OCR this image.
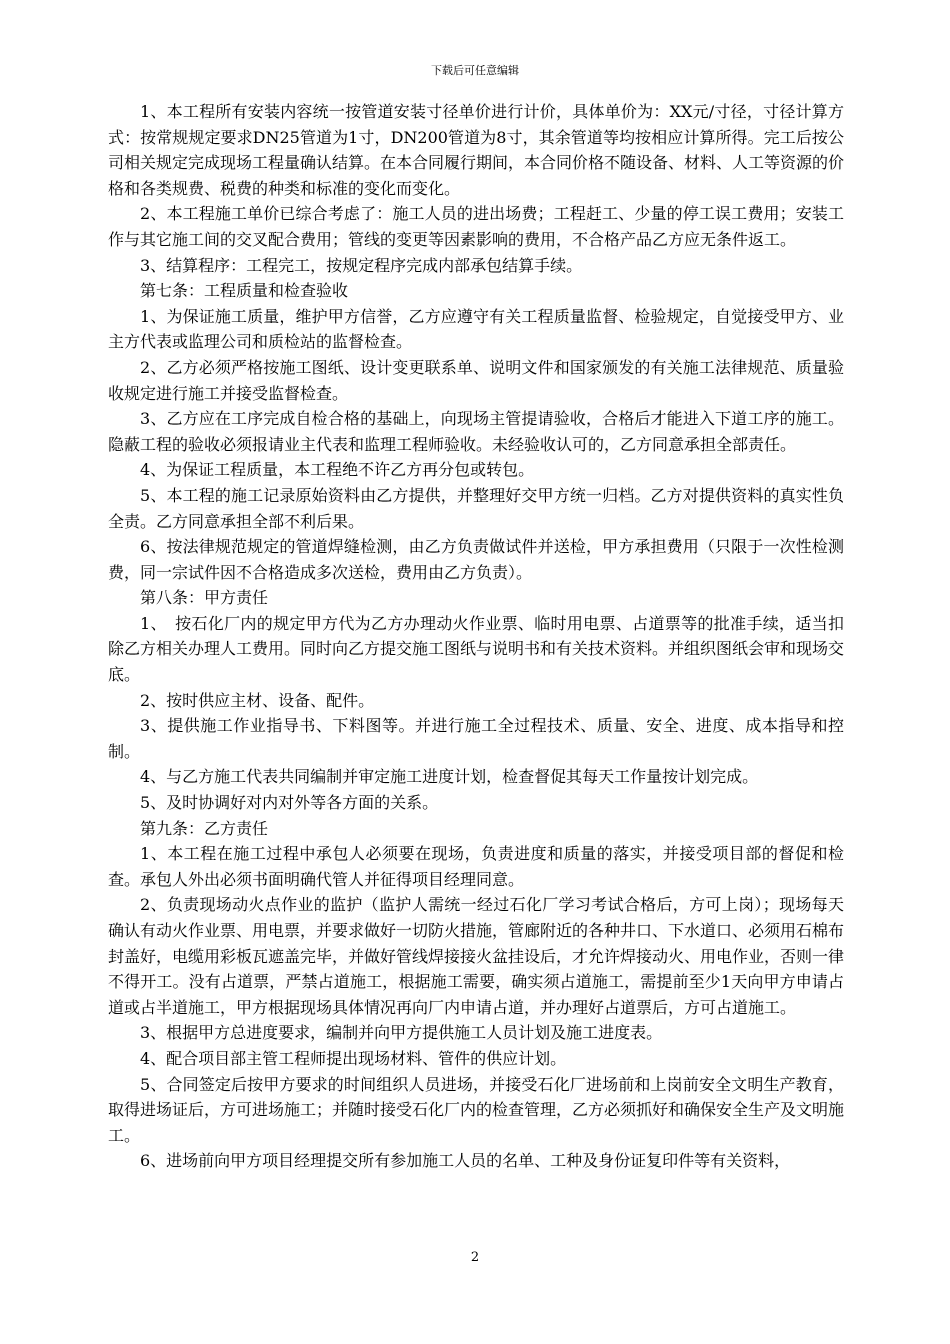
下载后可任意编辑

1、本工程所有安装内容统一按管道安装寸径单价进行计价，具体单价为：XX元/寸径，寸径计算方式：按常规规定要求DN25管道为1寸，DN200管道为8寸，其余管道等均按相应计算所得。完工后按公司相关规定完成现场工程量确认结算。在本合同履行期间，本合同价格不随设备、材料、人工等资源的价格和各类规费、税费的种类和标准的变化而变化。

2、本工程施工单价已综合考虑了：施工人员的进出场费；工程赶工、少量的停工误工费用；安装工作与其它施工间的交叉配合费用；管线的变更等因素影响的费用，不合格产品乙方应无条件返工。

3、结算程序：工程完工，按规定程序完成内部承包结算手续。

第七条：工程质量和检查验收

1、为保证施工质量，维护甲方信誉，乙方应遵守有关工程质量监督、检验规定，自觉接受甲方、业主方代表或监理公司和质检站的监督检查。

2、乙方必须严格按施工图纸、设计变更联系单、说明文件和国家颁发的有关施工法律规范、质量验收规定进行施工并接受监督检查。

3、乙方应在工序完成自检合格的基础上，向现场主管提请验收，合格后才能进入下道工序的施工。隐蔽工程的验收必须报请业主代表和监理工程师验收。未经验收认可的，乙方同意承担全部责任。

4、为保证工程质量，本工程绝不许乙方再分包或转包。

5、本工程的施工记录原始资料由乙方提供，并整理好交甲方统一归档。乙方对提供资料的真实性负全责。乙方同意承担全部不利后果。

6、按法律规范规定的管道焊缝检测，由乙方负责做试件并送检，甲方承担费用（只限于一次性检测费，同一宗试件因不合格造成多次送检，费用由乙方负责）。

第八条：甲方责任

1、　按石化厂内的规定甲方代为乙方办理动火作业票、临时用电票、占道票等的批准手续，适当扣除乙方相关办理人工费用。同时向乙方提交施工图纸与说明书和有关技术资料。并组织图纸会审和现场交底。

2、按时供应主材、设备、配件。

3、提供施工作业指导书、下料图等。并进行施工全过程技术、质量、安全、进度、成本指导和控制。

4、与乙方施工代表共同编制并审定施工进度计划，检查督促其每天工作量按计划完成。

5、及时协调好对内对外等各方面的关系。

第九条：乙方责任

1、本工程在施工过程中承包人必须要在现场，负责进度和质量的落实，并接受项目部的督促和检查。承包人外出必须书面明确代管人并征得项目经理同意。

2、负责现场动火点作业的监护（监护人需统一经过石化厂学习考试合格后，方可上岗）；现场每天确认有动火作业票、用电票，并要求做好一切防火措施，管廊附近的各种井口、下水道口、必须用石棉布封盖好，电缆用彩板瓦遮盖完毕，并做好管线焊接接火盆挂设后，才允许焊接动火、用电作业，否则一律不得开工。没有占道票，严禁占道施工，根据施工需要，确实须占道施工，需提前至少1天向甲方申请占道或占半道施工，甲方根据现场具体情况再向厂内申请占道，并办理好占道票后，方可占道施工。

3、根据甲方总进度要求，编制并向甲方提供施工人员计划及施工进度表。

4、配合项目部主管工程师提出现场材料、管件的供应计划。

5、合同签定后按甲方要求的时间组织人员进场，并接受石化厂进场前和上岗前安全文明生产教育，取得进场证后，方可进场施工；并随时接受石化厂内的检查管理，乙方必须抓好和确保安全生产及文明施工。

6、进场前向甲方项目经理提交所有参加施工人员的名单、工种及身份证复印件等有关资料，

2
